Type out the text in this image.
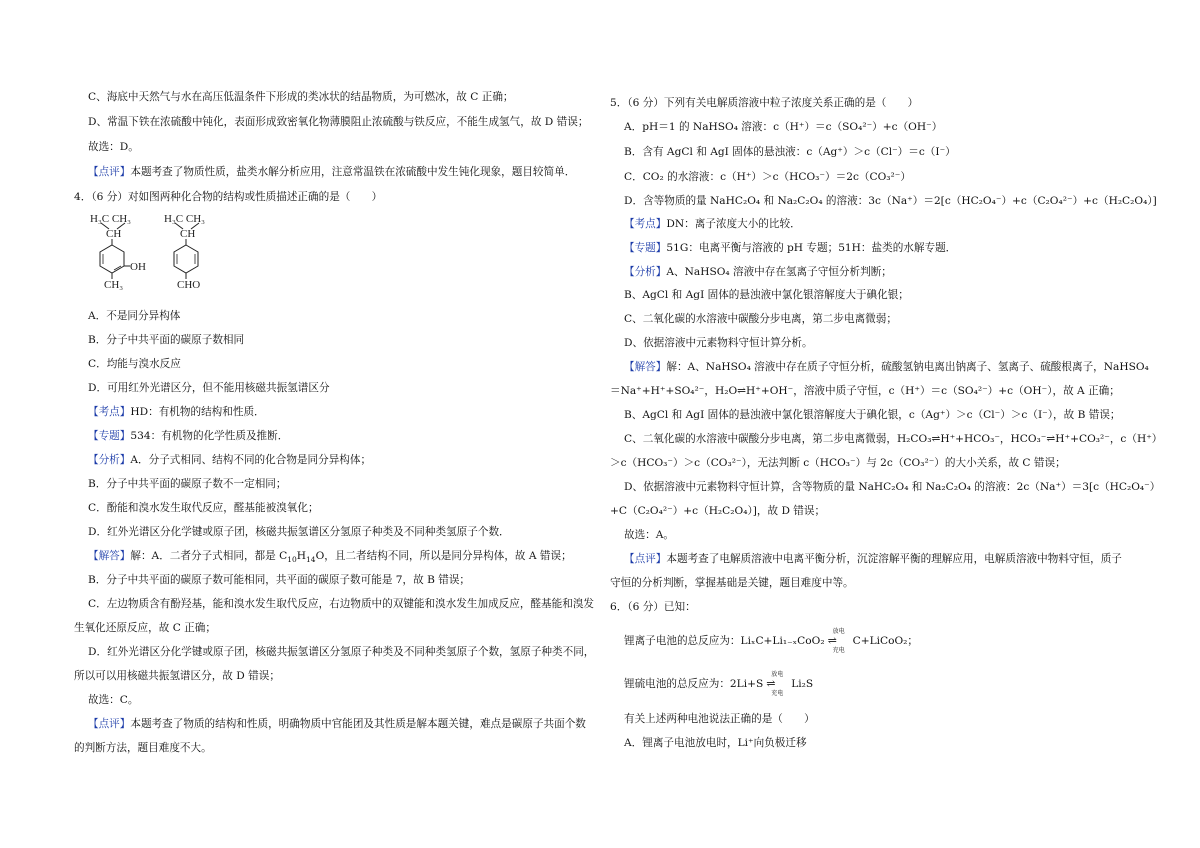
C、海底中天然气与水在高压低温条件下形成的类冰状的结晶物质，为可燃冰，故 C 正确；
D、常温下铁在浓硫酸中钝化，表面形成致密氧化物薄膜阻止浓硫酸与铁反应，不能生成氢气，故 D 错误；
故选：D。
【点评】本题考查了物质性质，盐类水解分析应用，注意常温铁在浓硫酸中发生钝化现象，题目较简单．
4．（6 分）对如图两种化合物的结构或性质描述正确的是（　　）
H₃C CH₃
CH
OH
CH₃
H₃C CH₃
CH
CHO
A．不是同分异构体
B．分子中共平面的碳原子数相同
C．均能与溴水反应
D．可用红外光谱区分，但不能用核磁共振氢谱区分
【考点】HD：有机物的结构和性质．
【专题】534：有机物的化学性质及推断．
【分析】A．分子式相同、结构不同的化合物是同分异构体；
B．分子中共平面的碳原子数不一定相同；
C．酚能和溴水发生取代反应，醛基能被溴氧化；
D．红外光谱区分化学键或原子团，核磁共振氢谱区分氢原子种类及不同种类氢原子个数．
【解答】解：A．二者分子式相同，都是 $C_{10}H_{14}O$，且二者结构不同，所以是同分异构体，故 A 错误；
B．分子中共平面的碳原子数可能相同，共平面的碳原子数可能是 7，故 B 错误；
C．左边物质含有酚羟基，能和溴水发生取代反应，右边物质中的双键能和溴水发生加成反应，醛基能和溴发
生氧化还原反应，故 C 正确；
D．红外光谱区分化学键或原子团，核磁共振氢谱区分氢原子种类及不同种类氢原子个数，氢原子种类不同，
所以可以用核磁共振氢谱区分，故 D 错误；
故选：C。
【点评】本题考查了物质的结构和性质，明确物质中官能团及其性质是解本题关键，难点是碳原子共面个数
的判断方法，题目难度不大。
5．（6 分）下列有关电解质溶液中粒子浓度关系正确的是（　　）
A．pH＝1 的 NaHSO₄ 溶液：c（H⁺）＝c（SO₄²⁻）+c（OH⁻）
B．含有 AgCl 和 AgI 固体的悬浊液：c（Ag⁺）＞c（Cl⁻）＝c（I⁻）
C．CO₂ 的水溶液：c（H⁺）＞c（HCO₃⁻）＝2c（CO₃²⁻）
D．含等物质的量 NaHC₂O₄ 和 Na₂C₂O₄ 的溶液：3c（Na⁺）＝2[c（HC₂O₄⁻）+c（C₂O₄²⁻）+c（H₂C₂O₄）]
【考点】DN：离子浓度大小的比较．
【专题】51G：电离平衡与溶液的 pH 专题；51H：盐类的水解专题．
【分析】A、NaHSO₄ 溶液中存在氢离子守恒分析判断；
B、AgCl 和 AgI 固体的悬浊液中氯化银溶解度大于碘化银；
C、二氧化碳的水溶液中碳酸分步电离，第二步电离微弱；
D、依据溶液中元素物料守恒计算分析。
【解答】解：A、NaHSO₄ 溶液中存在质子守恒分析，硫酸氢钠电离出钠离子、氢离子、硫酸根离子，NaHSO₄
＝Na⁺+H⁺+SO₄²⁻，H₂O⇌H⁺+OH⁻，溶液中质子守恒，c（H⁺）＝c（SO₄²⁻）+c（OH⁻），故 A 正确；
B、AgCl 和 AgI 固体的悬浊液中氯化银溶解度大于碘化银，c（Ag⁺）＞c（Cl⁻）＞c（I⁻），故 B 错误；
C、二氧化碳的水溶液中碳酸分步电离，第二步电离微弱，H₂CO₃⇌H⁺+HCO₃⁻，HCO₃⁻⇌H⁺+CO₃²⁻，c（H⁺）
＞c（HCO₃⁻）＞c（CO₃²⁻），无法判断 c（HCO₃⁻）与 2c（CO₃²⁻）的大小关系，故 C 错误；
D、依据溶液中元素物料守恒计算，含等物质的量 NaHC₂O₄ 和 Na₂C₂O₄ 的溶液：2c（Na⁺）＝3[c（HC₂O₄⁻）
+C（C₂O₄²⁻）+c（H₂C₂O₄）]，故 D 错误；
故选：A。
【点评】本题考查了电解质溶液中电离平衡分析，沉淀溶解平衡的理解应用，电解质溶液中物料守恒，质子
守恒的分析判断，掌握基础是关键，题目难度中等。
6．（6 分）已知：
锂离子电池的总反应为：LiₓC+Li₁₋ₓCoO₂
放电
⇌
充电
C+LiCoO₂；
锂硫电池的总反应为：2Li+S
放电
⇌
充电
Li₂S
有关上述两种电池说法正确的是（　　）
A．锂离子电池放电时，Li⁺向负极迁移
